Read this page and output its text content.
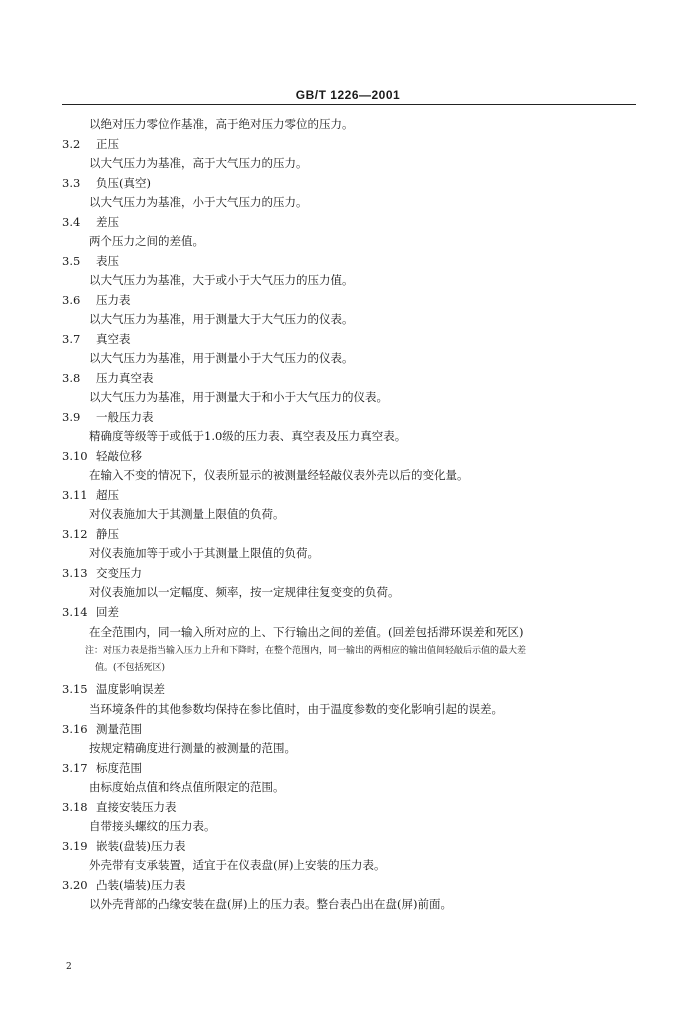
GB/T 1226—2001
以绝对压力零位作基准，高于绝对压力零位的压力。
3.2 正压
以大气压力为基准，高于大气压力的压力。
3.3 负压(真空)
以大气压力为基准，小于大气压力的压力。
3.4 差压
两个压力之间的差值。
3.5 表压
以大气压力为基准，大于或小于大气压力的压力值。
3.6 压力表
以大气压力为基准，用于测量大于大气压力的仪表。
3.7 真空表
以大气压力为基准，用于测量小于大气压力的仪表。
3.8 压力真空表
以大气压力为基准，用于测量大于和小于大气压力的仪表。
3.9 一般压力表
精确度等级等于或低于1.0级的压力表、真空表及压力真空表。
3.10 轻敲位移
在输入不变的情况下，仪表所显示的被测量经轻敲仪表外壳以后的变化量。
3.11 超压
对仪表施加大于其测量上限值的负荷。
3.12 静压
对仪表施加等于或小于其测量上限值的负荷。
3.13 交变压力
对仪表施加以一定幅度、频率，按一定规律往复变变的负荷。
3.14 回差
在全范围内，同一输入所对应的上、下行输出之间的差值。(回差包括滞环误差和死区)
注：对压力表是指当输入压力上升和下降时，在整个范围内，同一输出的两相应的输出值间轻敲后示值的最大差
值。(不包括死区)
3.15 温度影响误差
当环境条件的其他参数均保持在参比值时，由于温度参数的变化影响引起的误差。
3.16 测量范围
按规定精确度进行测量的被测量的范围。
3.17 标度范围
由标度始点值和终点值所限定的范围。
3.18 直接安装压力表
自带接头螺纹的压力表。
3.19 嵌装(盘装)压力表
外壳带有支承装置，适宜于在仪表盘(屏)上安装的压力表。
3.20 凸装(墙装)压力表
以外壳背部的凸缘安装在盘(屏)上的压力表。整台表凸出在盘(屏)前面。
2
